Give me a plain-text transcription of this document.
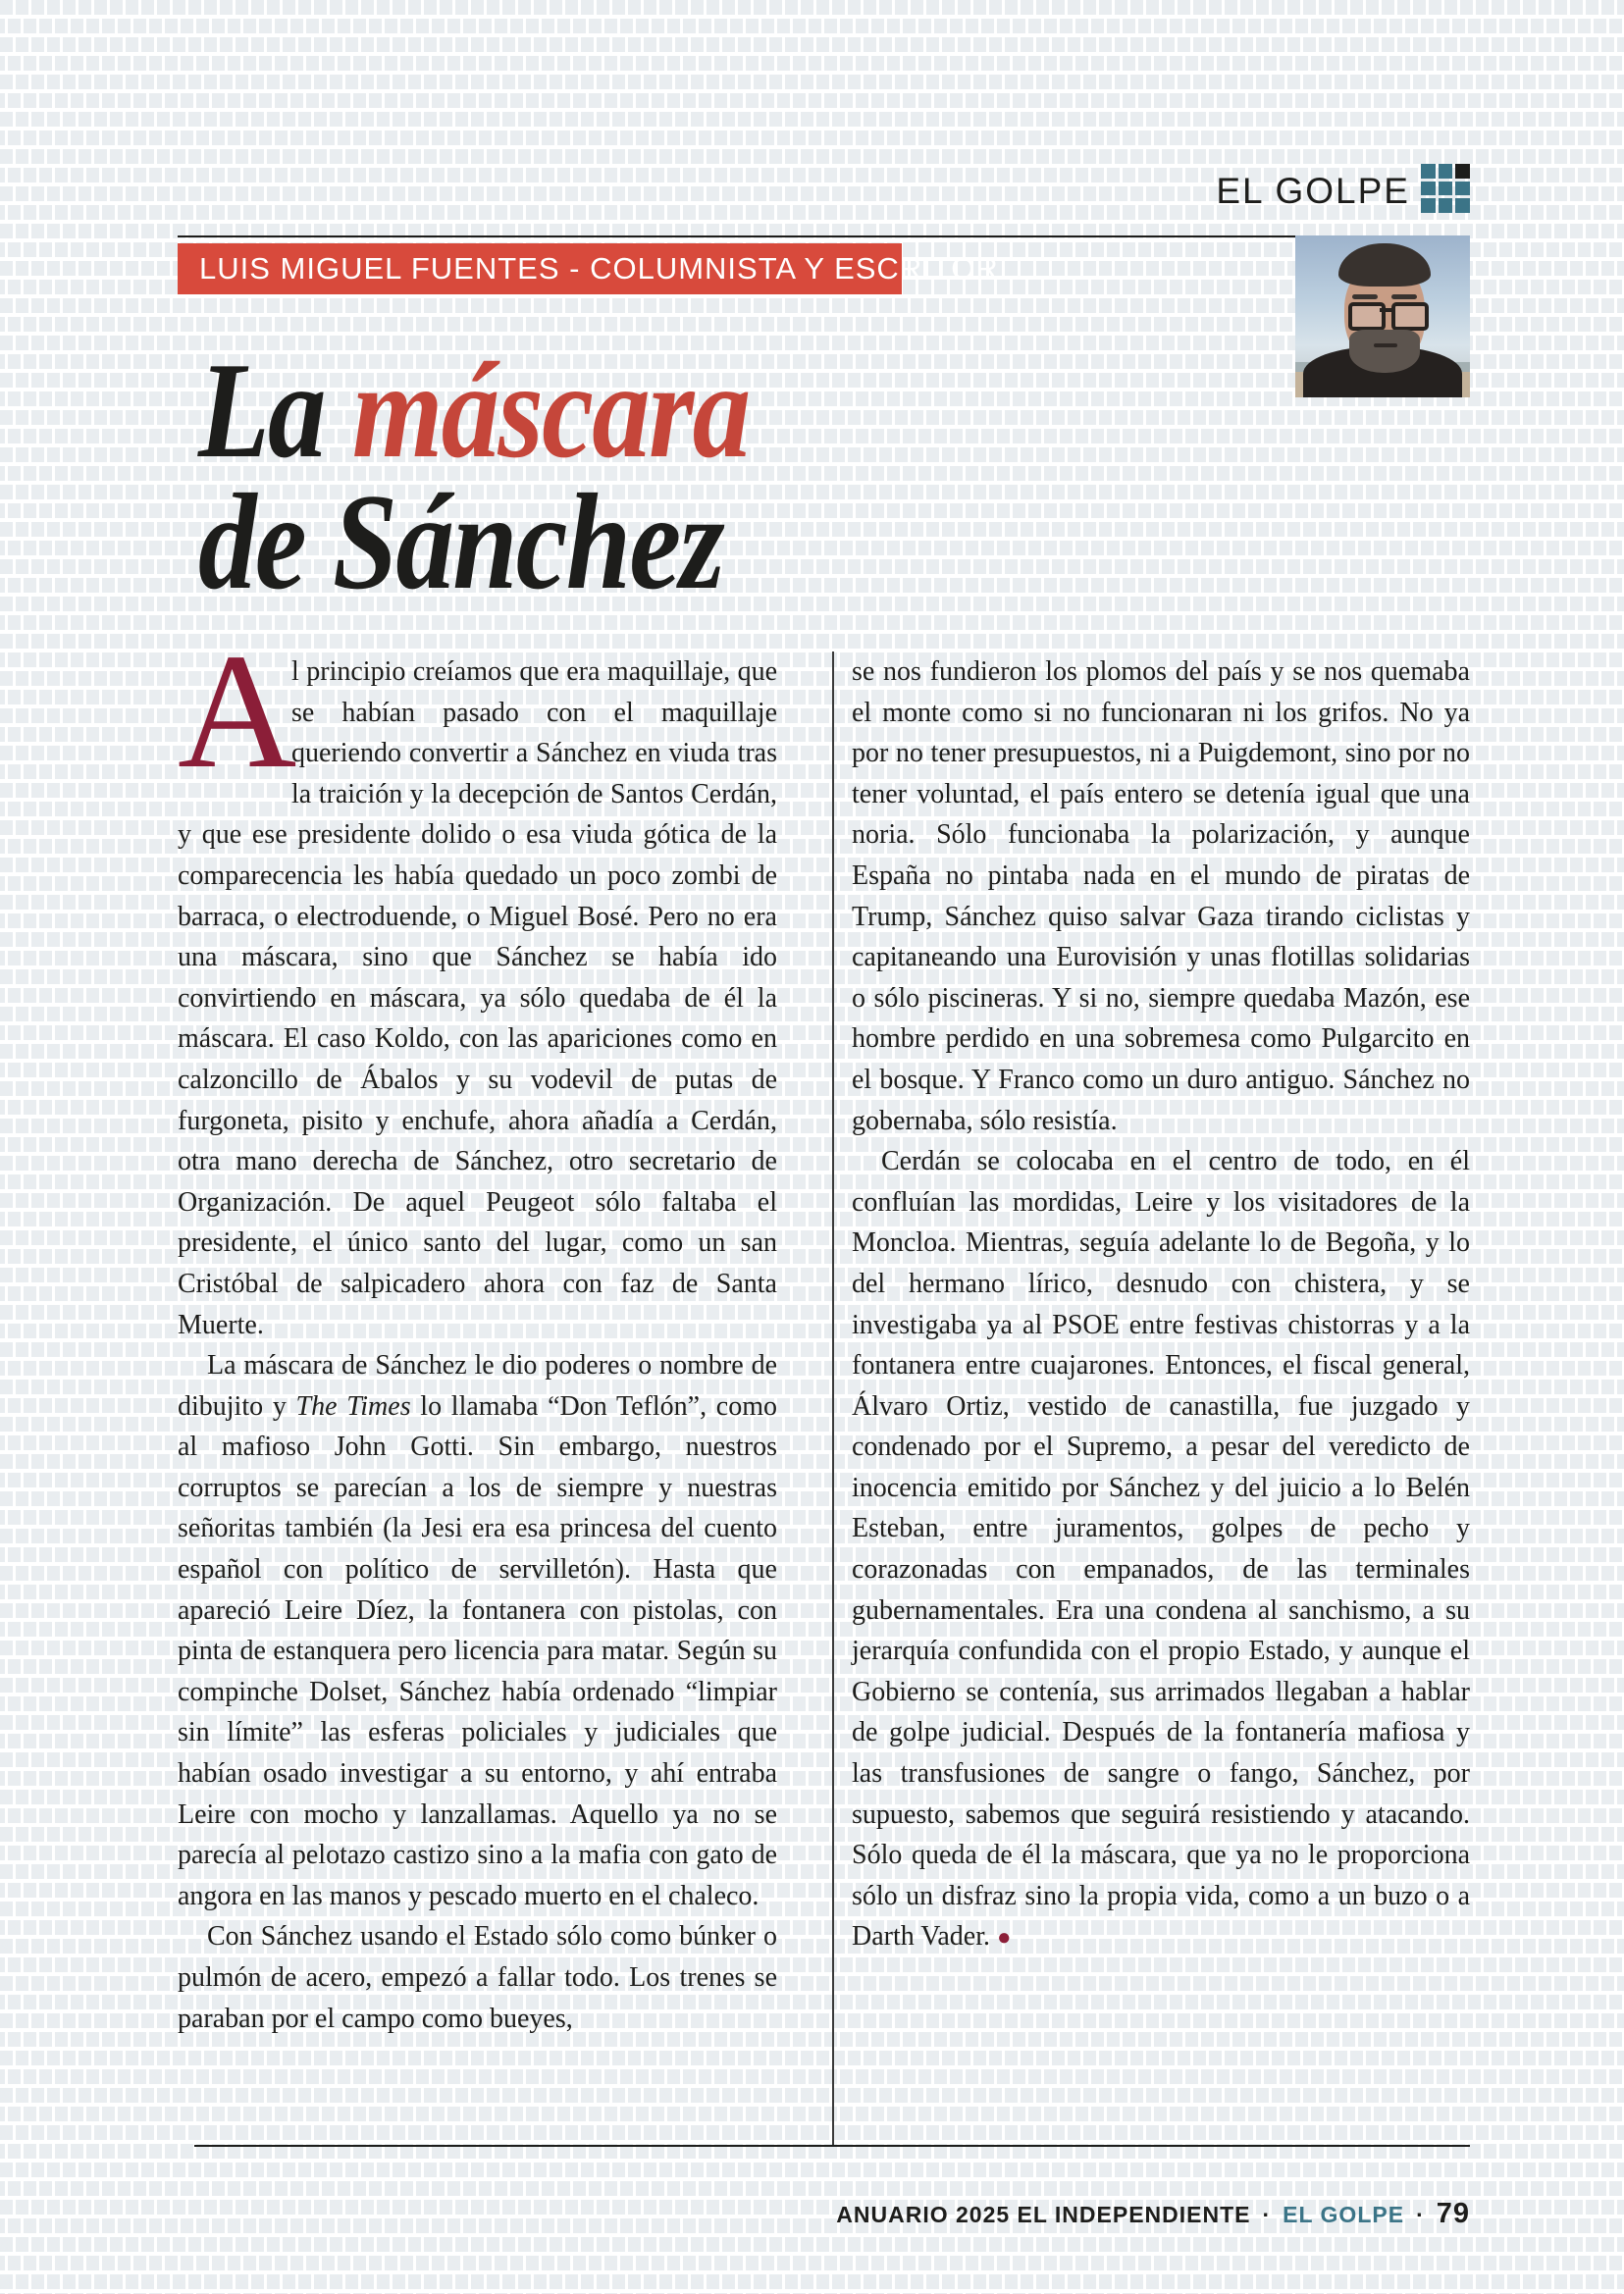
EL GOLPE
LUIS MIGUEL FUENTES - COLUMNISTA Y ESCRITOR
La máscara
de Sánchez

A
l principio creíamos que era maquillaje, que se habían pasado con el maquillaje queriendo convertir a Sánchez en viuda tras la traición y la decepción de Santos Cerdán, y que ese presidente dolido o esa viuda gótica de la comparecencia les había quedado un poco zombi de barraca, o electroduende, o Miguel Bosé. Pero no era una máscara, sino que Sánchez se había ido convirtiendo en máscara, ya sólo quedaba de él la máscara. El caso Koldo, con las apariciones como en calzoncillo de Ábalos y su vodevil de putas de furgoneta, pisito y enchufe, ahora añadía a Cerdán, otra mano derecha de Sánchez, otro secretario de Organización. De aquel Peugeot sólo faltaba el presidente, el único santo del lugar, como un san Cristóbal de salpicadero ahora con faz de Santa Muerte.

La máscara de Sánchez le dio poderes o nombre de dibujito y The Times lo llamaba “Don Teflón”, como al mafioso John Gotti. Sin embargo, nuestros corruptos se parecían a los de siempre y nuestras señoritas también (la Jesi era esa princesa del cuento español con político de servilletón). Hasta que apareció Leire Díez, la fontanera con pistolas, con pinta de estanquera pero licencia para matar. Según su compinche Dolset, Sánchez había ordenado “limpiar sin límite” las esferas policiales y judiciales que habían osado investigar a su entorno, y ahí entraba Leire con mocho y lanzallamas. Aquello ya no se parecía al pelotazo castizo sino a la mafia con gato de angora en las manos y pescado muerto en el chaleco.

Con Sánchez usando el Estado sólo como búnker o pulmón de acero, empezó a fallar todo. Los trenes se paraban por el campo como bueyes,

se nos fundieron los plomos del país y se nos quemaba el monte como si no funcionaran ni los grifos. No ya por no tener presupuestos, ni a Puigdemont, sino por no tener voluntad, el país entero se detenía igual que una noria. Sólo funcionaba la polarización, y aunque España no pintaba nada en el mundo de piratas de Trump, Sánchez quiso salvar Gaza tirando ciclistas y capitaneando una Eurovisión y unas flotillas solidarias o sólo piscineras. Y si no, siempre quedaba Mazón, ese hombre perdido en una sobremesa como Pulgarcito en el bosque. Y Franco como un duro antiguo. Sánchez no gobernaba, sólo resistía.

Cerdán se colocaba en el centro de todo, en él confluían las mordidas, Leire y los visitadores de la Moncloa. Mientras, seguía adelante lo de Begoña, y lo del hermano lírico, desnudo con chistera, y se investigaba ya al PSOE entre festivas chistorras y a la fontanera entre cuajarones. Entonces, el fiscal general, Álvaro Ortiz, vestido de canastilla, fue juzgado y condenado por el Supremo, a pesar del veredicto de inocencia emitido por Sánchez y del juicio a lo Belén Esteban, entre juramentos, golpes de pecho y corazonadas con empanados, de las terminales gubernamentales. Era una condena al sanchismo, a su jerarquía confundida con el propio Estado, y aunque el Gobierno se contenía, sus arrimados llegaban a hablar de golpe judicial. Después de la fontanería mafiosa y las transfusiones de sangre o fango, Sánchez, por supuesto, sabemos que seguirá resistiendo y atacando. Sólo queda de él la máscara, que ya no le proporciona sólo un disfraz sino la propia vida, como a un buzo o a Darth Vader. ●

ANUARIO 2025 EL INDEPENDIENTE · EL GOLPE · 79
